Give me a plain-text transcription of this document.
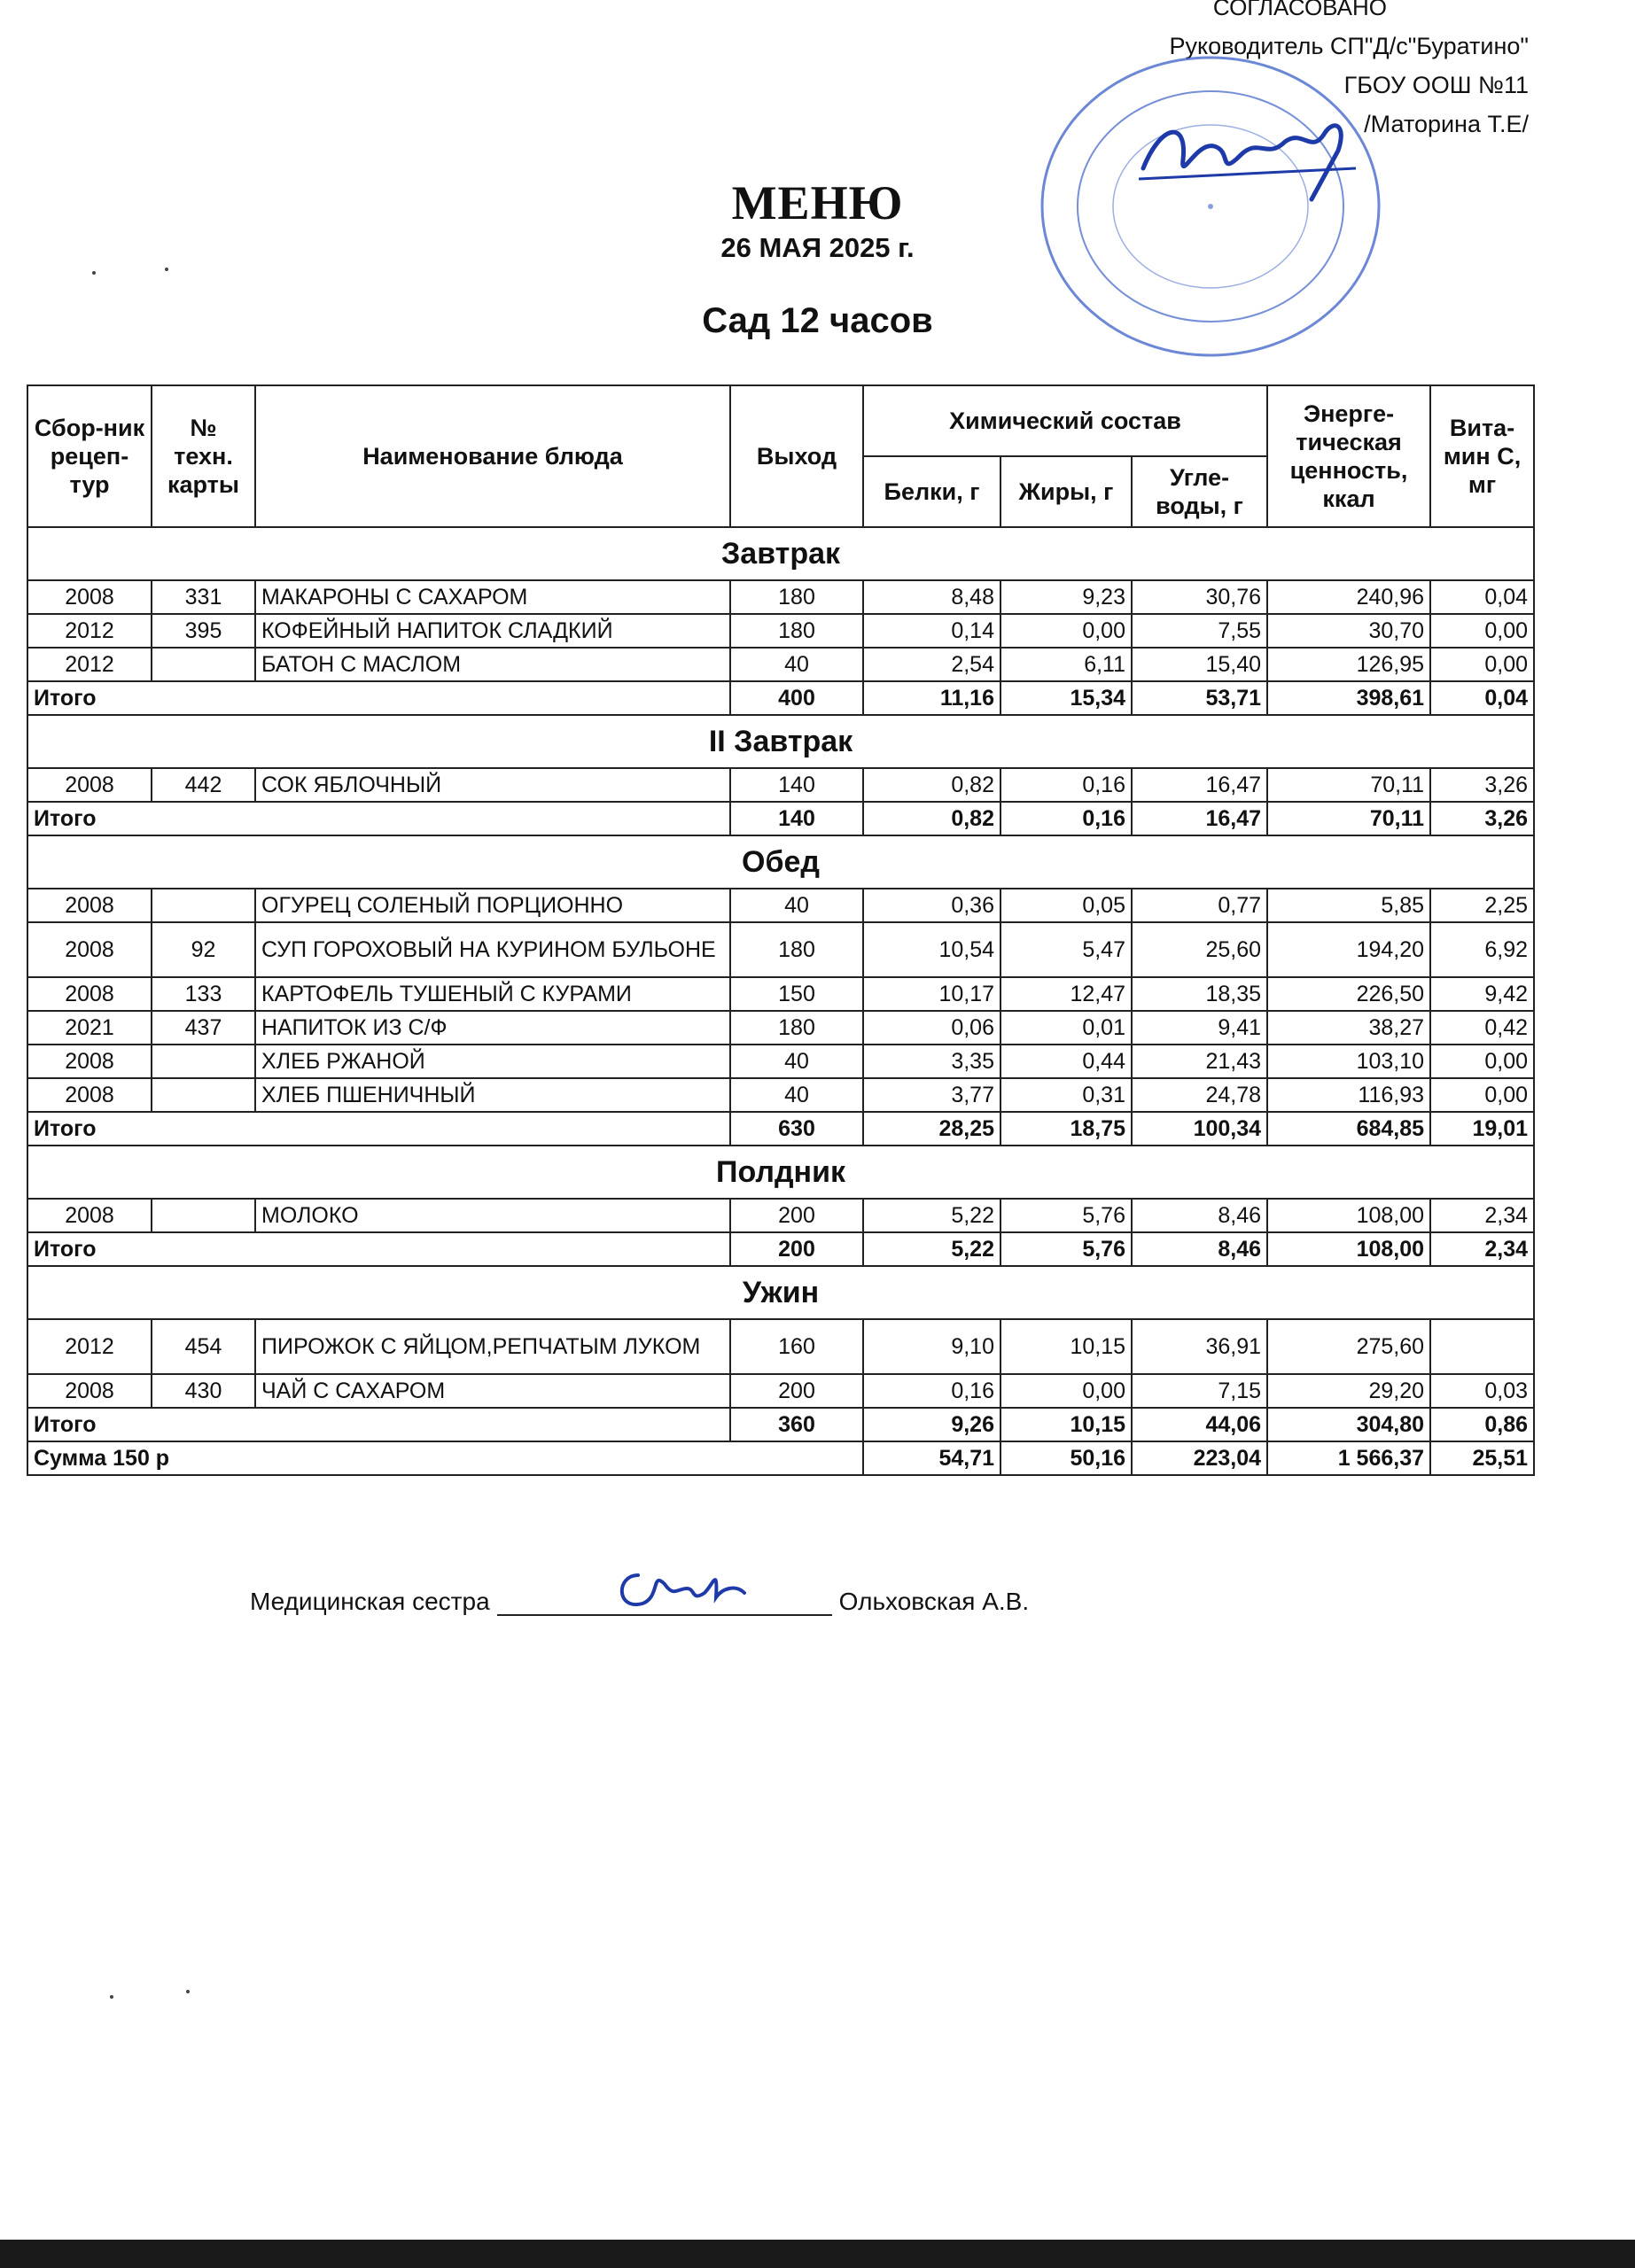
СОГЛАСОВАНО
Руководитель СП"Д/с"Буратино"
ГБОУ ООШ №11
/Маторина Т.Е/
МЕНЮ
26 МАЯ 2025 г.
Сад 12 часов
Сбор-ник рецеп-тур	№ техн. карты	Наименование блюда	Выход	Химический состав			Энерге-тическая ценность, ккал	Вита-мин С, мг
				Белки, г	Жиры, г	Угле-воды, г		
Завтрак								
2008	331	МАКАРОНЫ С САХАРОМ	180	8,48	9,23	30,76	240,96	0,04
2012	395	КОФЕЙНЫЙ НАПИТОК СЛАДКИЙ	180	0,14	0,00	7,55	30,70	0,00
2012		БАТОН С МАСЛОМ	40	2,54	6,11	15,40	126,95	0,00
Итого			400	11,16	15,34	53,71	398,61	0,04
II Завтрак								
2008	442	СОК ЯБЛОЧНЫЙ	140	0,82	0,16	16,47	70,11	3,26
Итого			140	0,82	0,16	16,47	70,11	3,26
Обед								
2008		ОГУРЕЦ СОЛЕНЫЙ ПОРЦИОННО	40	0,36	0,05	0,77	5,85	2,25
2008	92	СУП ГОРОХОВЫЙ НА КУРИНОМ БУЛЬОНЕ	180	10,54	5,47	25,60	194,20	6,92
2008	133	КАРТОФЕЛЬ ТУШЕНЫЙ С КУРАМИ	150	10,17	12,47	18,35	226,50	9,42
2021	437	НАПИТОК ИЗ С/Ф	180	0,06	0,01	9,41	38,27	0,42
2008		ХЛЕБ РЖАНОЙ	40	3,35	0,44	21,43	103,10	0,00
2008		ХЛЕБ ПШЕНИЧНЫЙ	40	3,77	0,31	24,78	116,93	0,00
Итого			630	28,25	18,75	100,34	684,85	19,01
Полдник								
2008		МОЛОКО	200	5,22	5,76	8,46	108,00	2,34
Итого			200	5,22	5,76	8,46	108,00	2,34
Ужин								
2012	454	ПИРОЖОК С ЯЙЦОМ,РЕПЧАТЫМ ЛУКОМ	160	9,10	10,15	36,91	275,60	
2008	430	ЧАЙ С САХАРОМ	200	0,16	0,00	7,15	29,20	0,03
Итого			360	9,26	10,15	44,06	304,80	0,86
Сумма 150 р				54,71	50,16	223,04	1 566,37	25,51
Медицинская сестра	Ольховская А.В.
